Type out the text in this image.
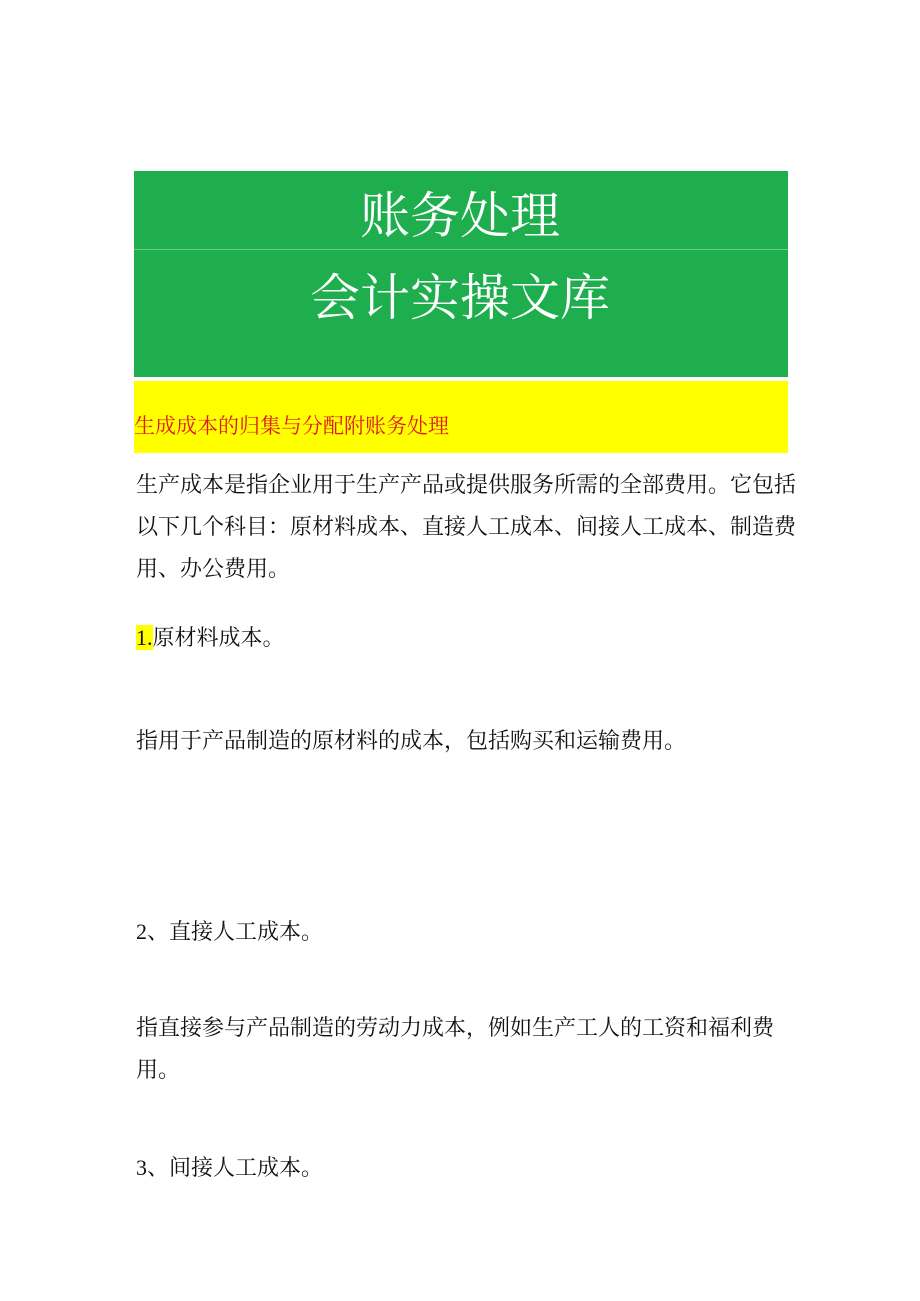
账务处理
会计实操文库
生成成本的归集与分配附账务处理
生产成本是指企业用于生产产品或提供服务所需的全部费用。它包括以下几个科目：原材料成本、直接人工成本、间接人工成本、制造费用、办公费用。
1.原材料成本。
指用于产品制造的原材料的成本，包括购买和运输费用。
2、直接人工成本。
指直接参与产品制造的劳动力成本，例如生产工人的工资和福利费用。
3、间接人工成本。
